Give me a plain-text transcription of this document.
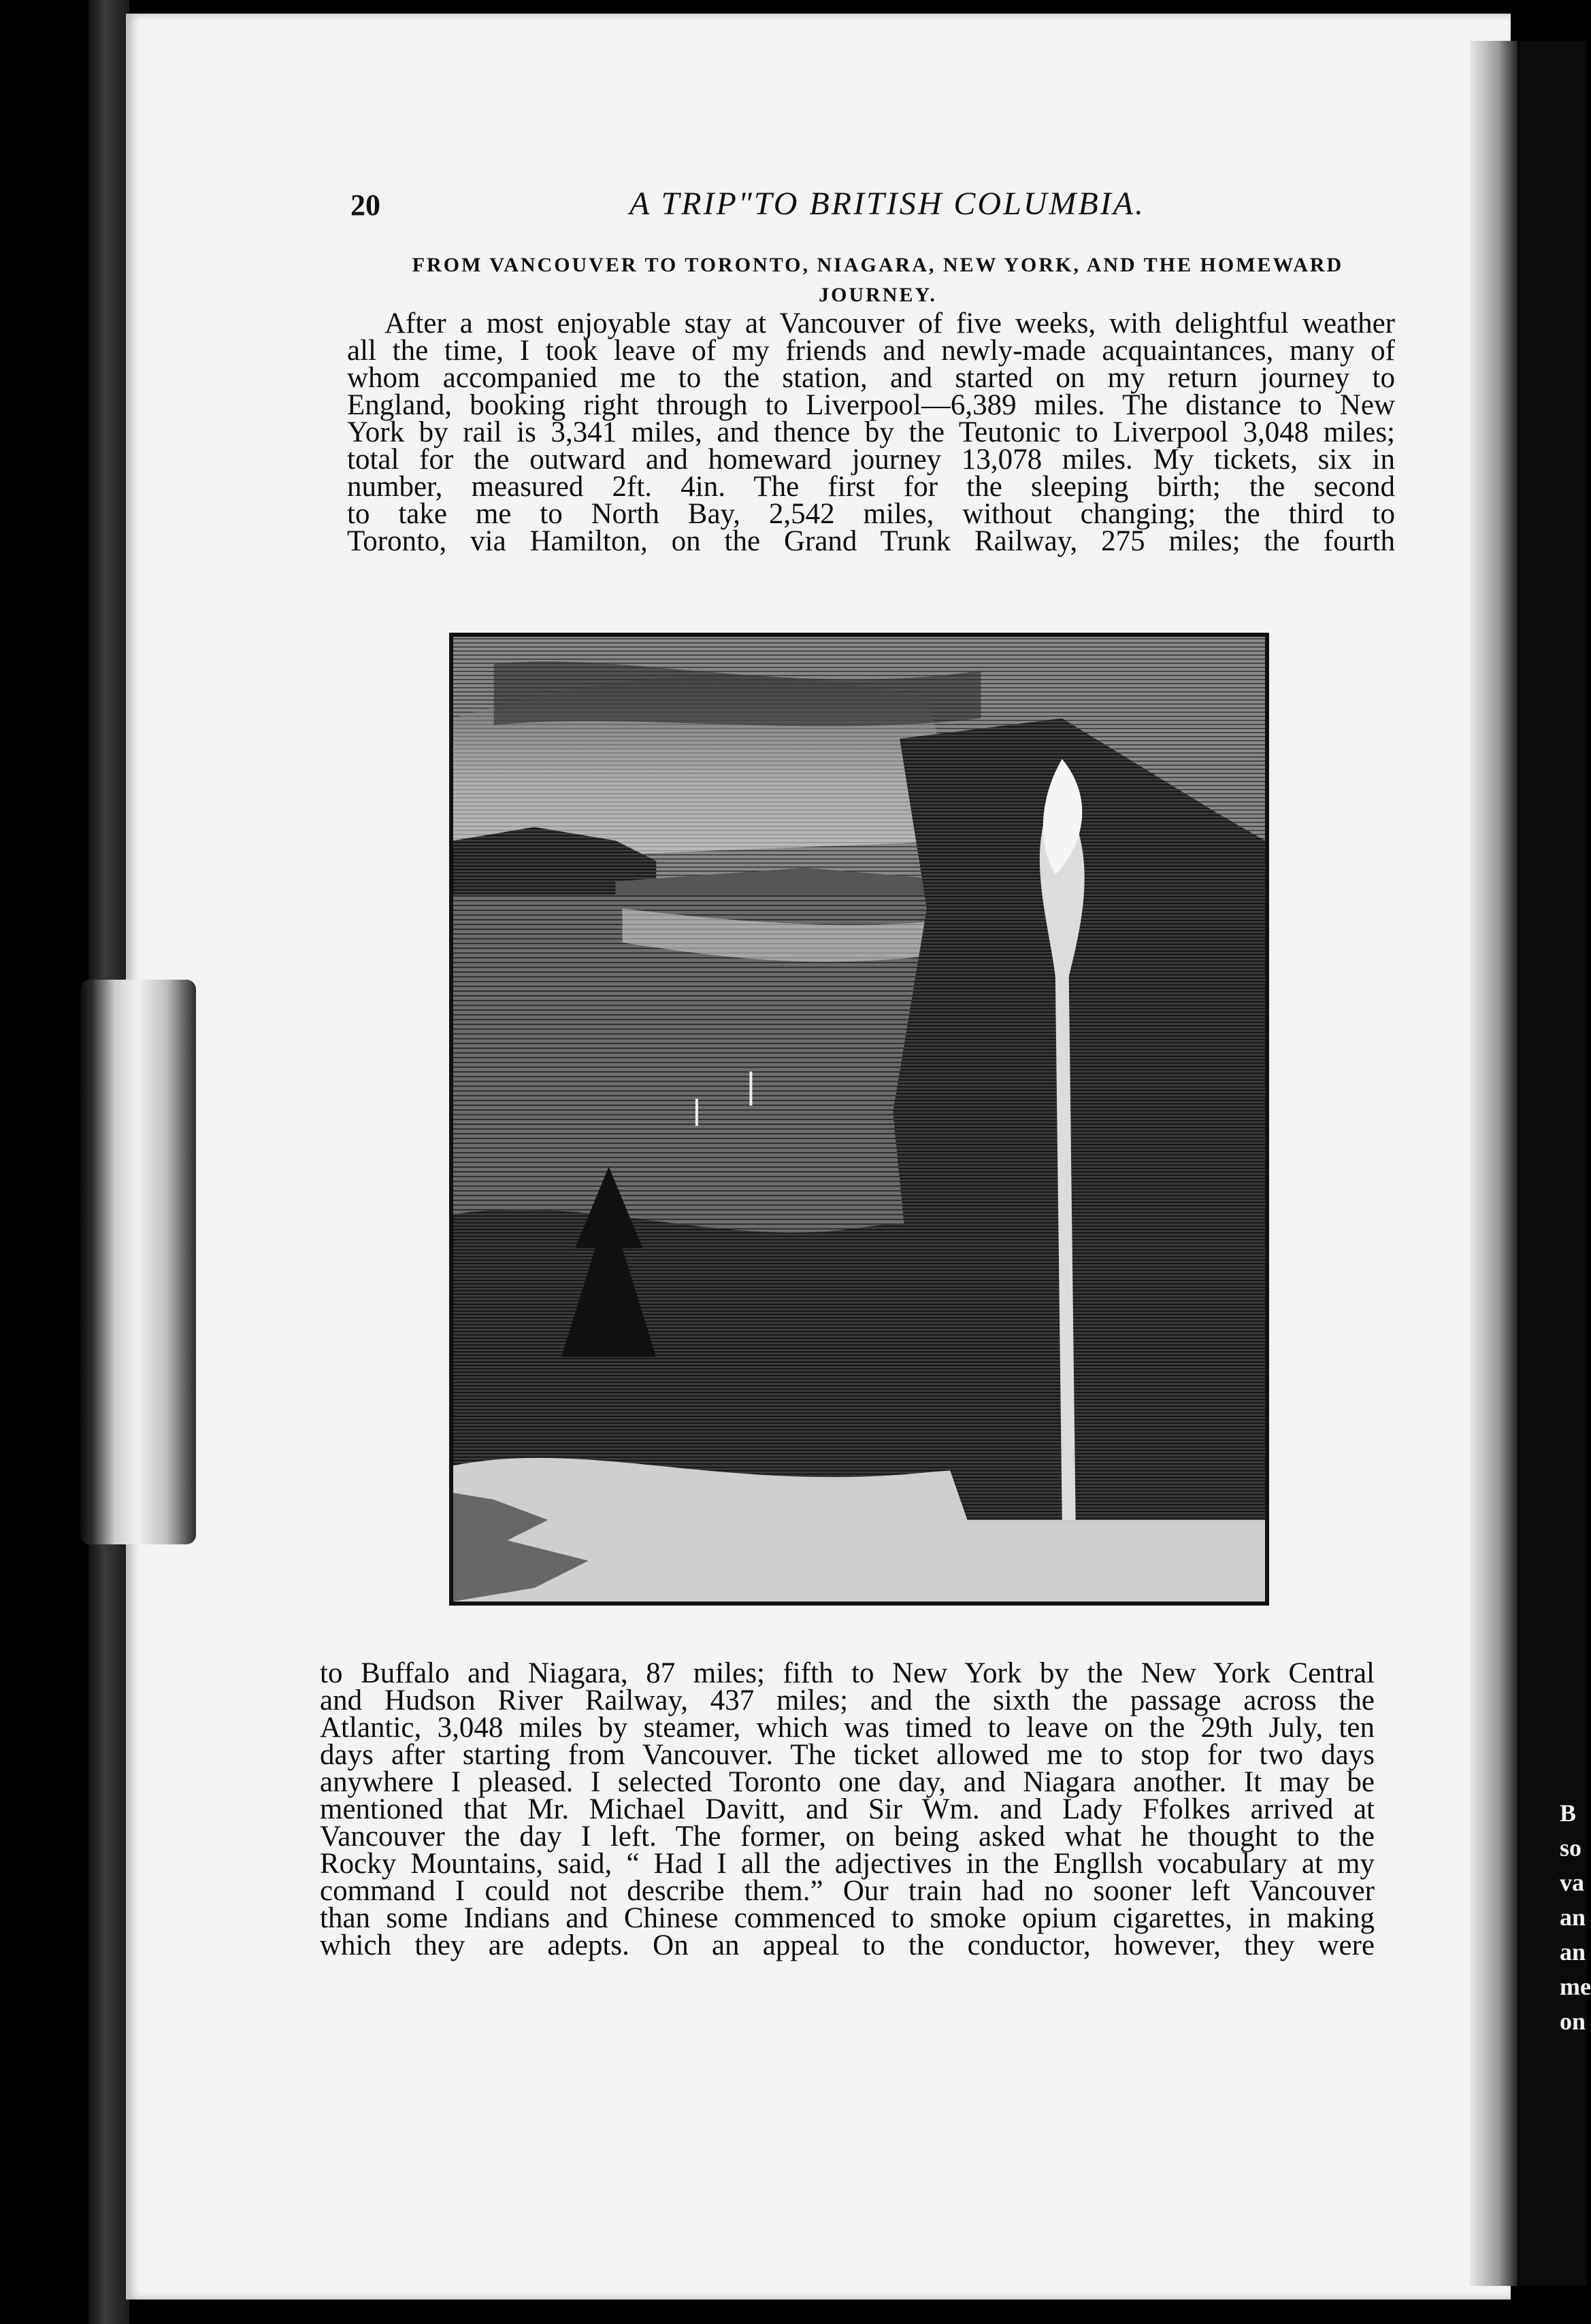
B
so
va
an
an
me
on
20	A TRIP"TO BRITISH COLUMBIA.
FROM VANCOUVER TO TORONTO, NIAGARA, NEW YORK, AND THE HOMEWARD
JOURNEY.
After a most enjoyable stay at Vancouver of five weeks, with delightful weather
all the time, I took leave of my friends and newly-made acquaintances, many of
whom accompanied me to the station, and started on my return journey to
England, booking right through to Liverpool—6,389 miles. The distance to New
York by rail is 3,341 miles, and thence by the Teutonic to Liverpool 3,048 miles;
total for the outward and homeward journey 13,078 miles. My tickets, six in
number, measured 2ft. 4in. The first for the sleeping birth; the second
to take me to North Bay, 2,542 miles, without changing; the third to
Toronto, via Hamilton, on the Grand Trunk Railway, 275 miles; the fourth
to Buffalo and Niagara, 87 miles; fifth to New York by the New York Central
and Hudson River Railway, 437 miles; and the sixth the passage across the
Atlantic, 3,048 miles by steamer, which was timed to leave on the 29th July, ten
days after starting from Vancouver. The ticket allowed me to stop for two days
anywhere I pleased. I selected Toronto one day, and Niagara another. It may be
mentioned that Mr. Michael Davitt, and Sir Wm. and Lady Ffolkes arrived at
Vancouver the day I left. The former, on being asked what he thought to the
Rocky Mountains, said, “ Had I all the adjectives in the Engllsh vocabulary at my
command I could not describe them.” Our train had no sooner left Vancouver
than some Indians and Chinese commenced to smoke opium cigarettes, in making
which they are adepts. On an appeal to the conductor, however, they were
